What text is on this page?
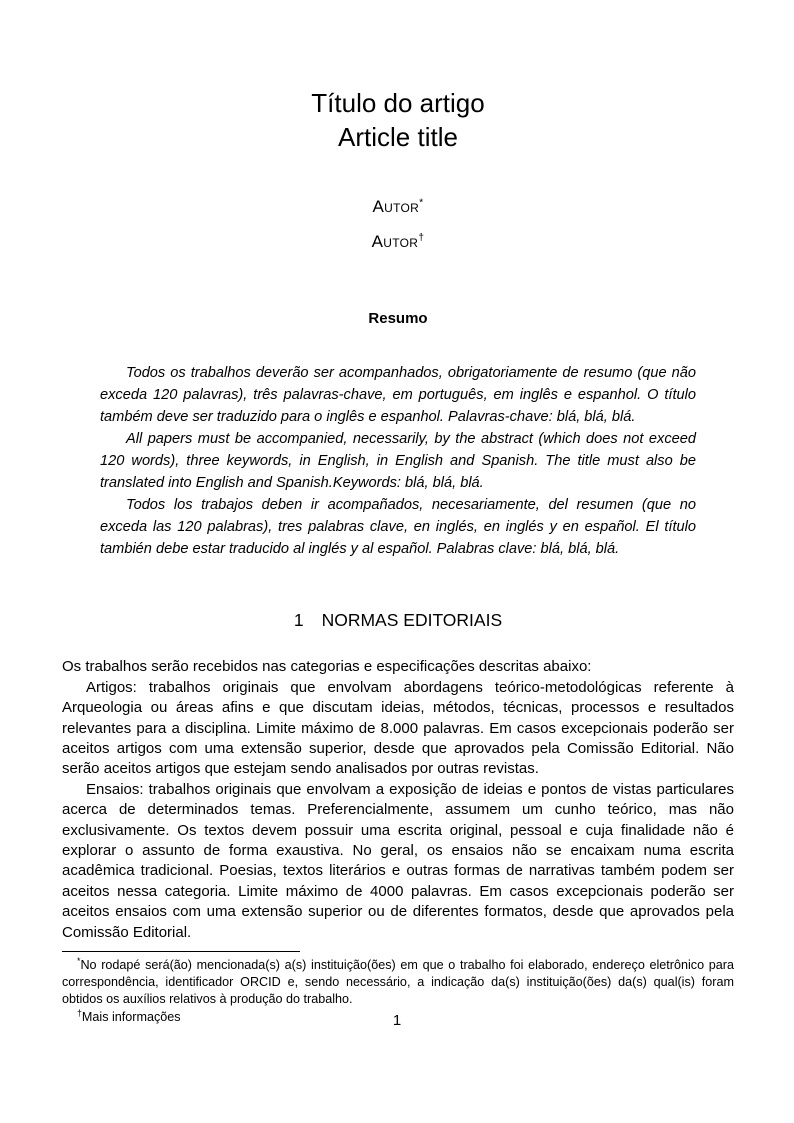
Título do artigo
Article title
Autor*
Autor†
Resumo

Todos os trabalhos deverão ser acompanhados, obrigatoriamente de resumo (que não exceda 120 palavras), três palavras-chave, em português, em inglês e espanhol. O título também deve ser traduzido para o inglês e espanhol. Palavras-chave: blá, blá, blá.

All papers must be accompanied, necessarily, by the abstract (which does not exceed 120 words), three keywords, in English, in English and Spanish. The title must also be translated into English and Spanish.Keywords: blá, blá, blá.

Todos los trabajos deben ir acompañados, necesariamente, del resumen (que no exceda las 120 palabras), tres palabras clave, en inglés, en inglés y en español. El título también debe estar traducido al inglés y al español. Palabras clave: blá, blá, blá.

1 NORMAS EDITORIAIS

Os trabalhos serão recebidos nas categorias e especificações descritas abaixo:

Artigos: trabalhos originais que envolvam abordagens teórico-metodológicas referente à Arqueologia ou áreas afins e que discutam ideias, métodos, técnicas, processos e resultados relevantes para a disciplina. Limite máximo de 8.000 palavras. Em casos excepcionais poderão ser aceitos artigos com uma extensão superior, desde que aprovados pela Comissão Editorial. Não serão aceitos artigos que estejam sendo analisados por outras revistas.

Ensaios: trabalhos originais que envolvam a exposição de ideias e pontos de vistas particulares acerca de determinados temas. Preferencialmente, assumem um cunho teórico, mas não exclusivamente. Os textos devem possuir uma escrita original, pessoal e cuja finalidade não é explorar o assunto de forma exaustiva. No geral, os ensaios não se encaixam numa escrita acadêmica tradicional. Poesias, textos literários e outras formas de narrativas também podem ser aceitos nessa categoria. Limite máximo de 4000 palavras. Em casos excepcionais poderão ser aceitos ensaios com uma extensão superior ou de diferentes formatos, desde que aprovados pela Comissão Editorial.

*No rodapé será(ão) mencionada(s) a(s) instituição(ões) em que o trabalho foi elaborado, endereço eletrônico para correspondência, identificador ORCID e, sendo necessário, a indicação da(s) instituição(ões) da(s) qual(is) foram obtidos os auxílios relativos à produção do trabalho.

†Mais informações	1
